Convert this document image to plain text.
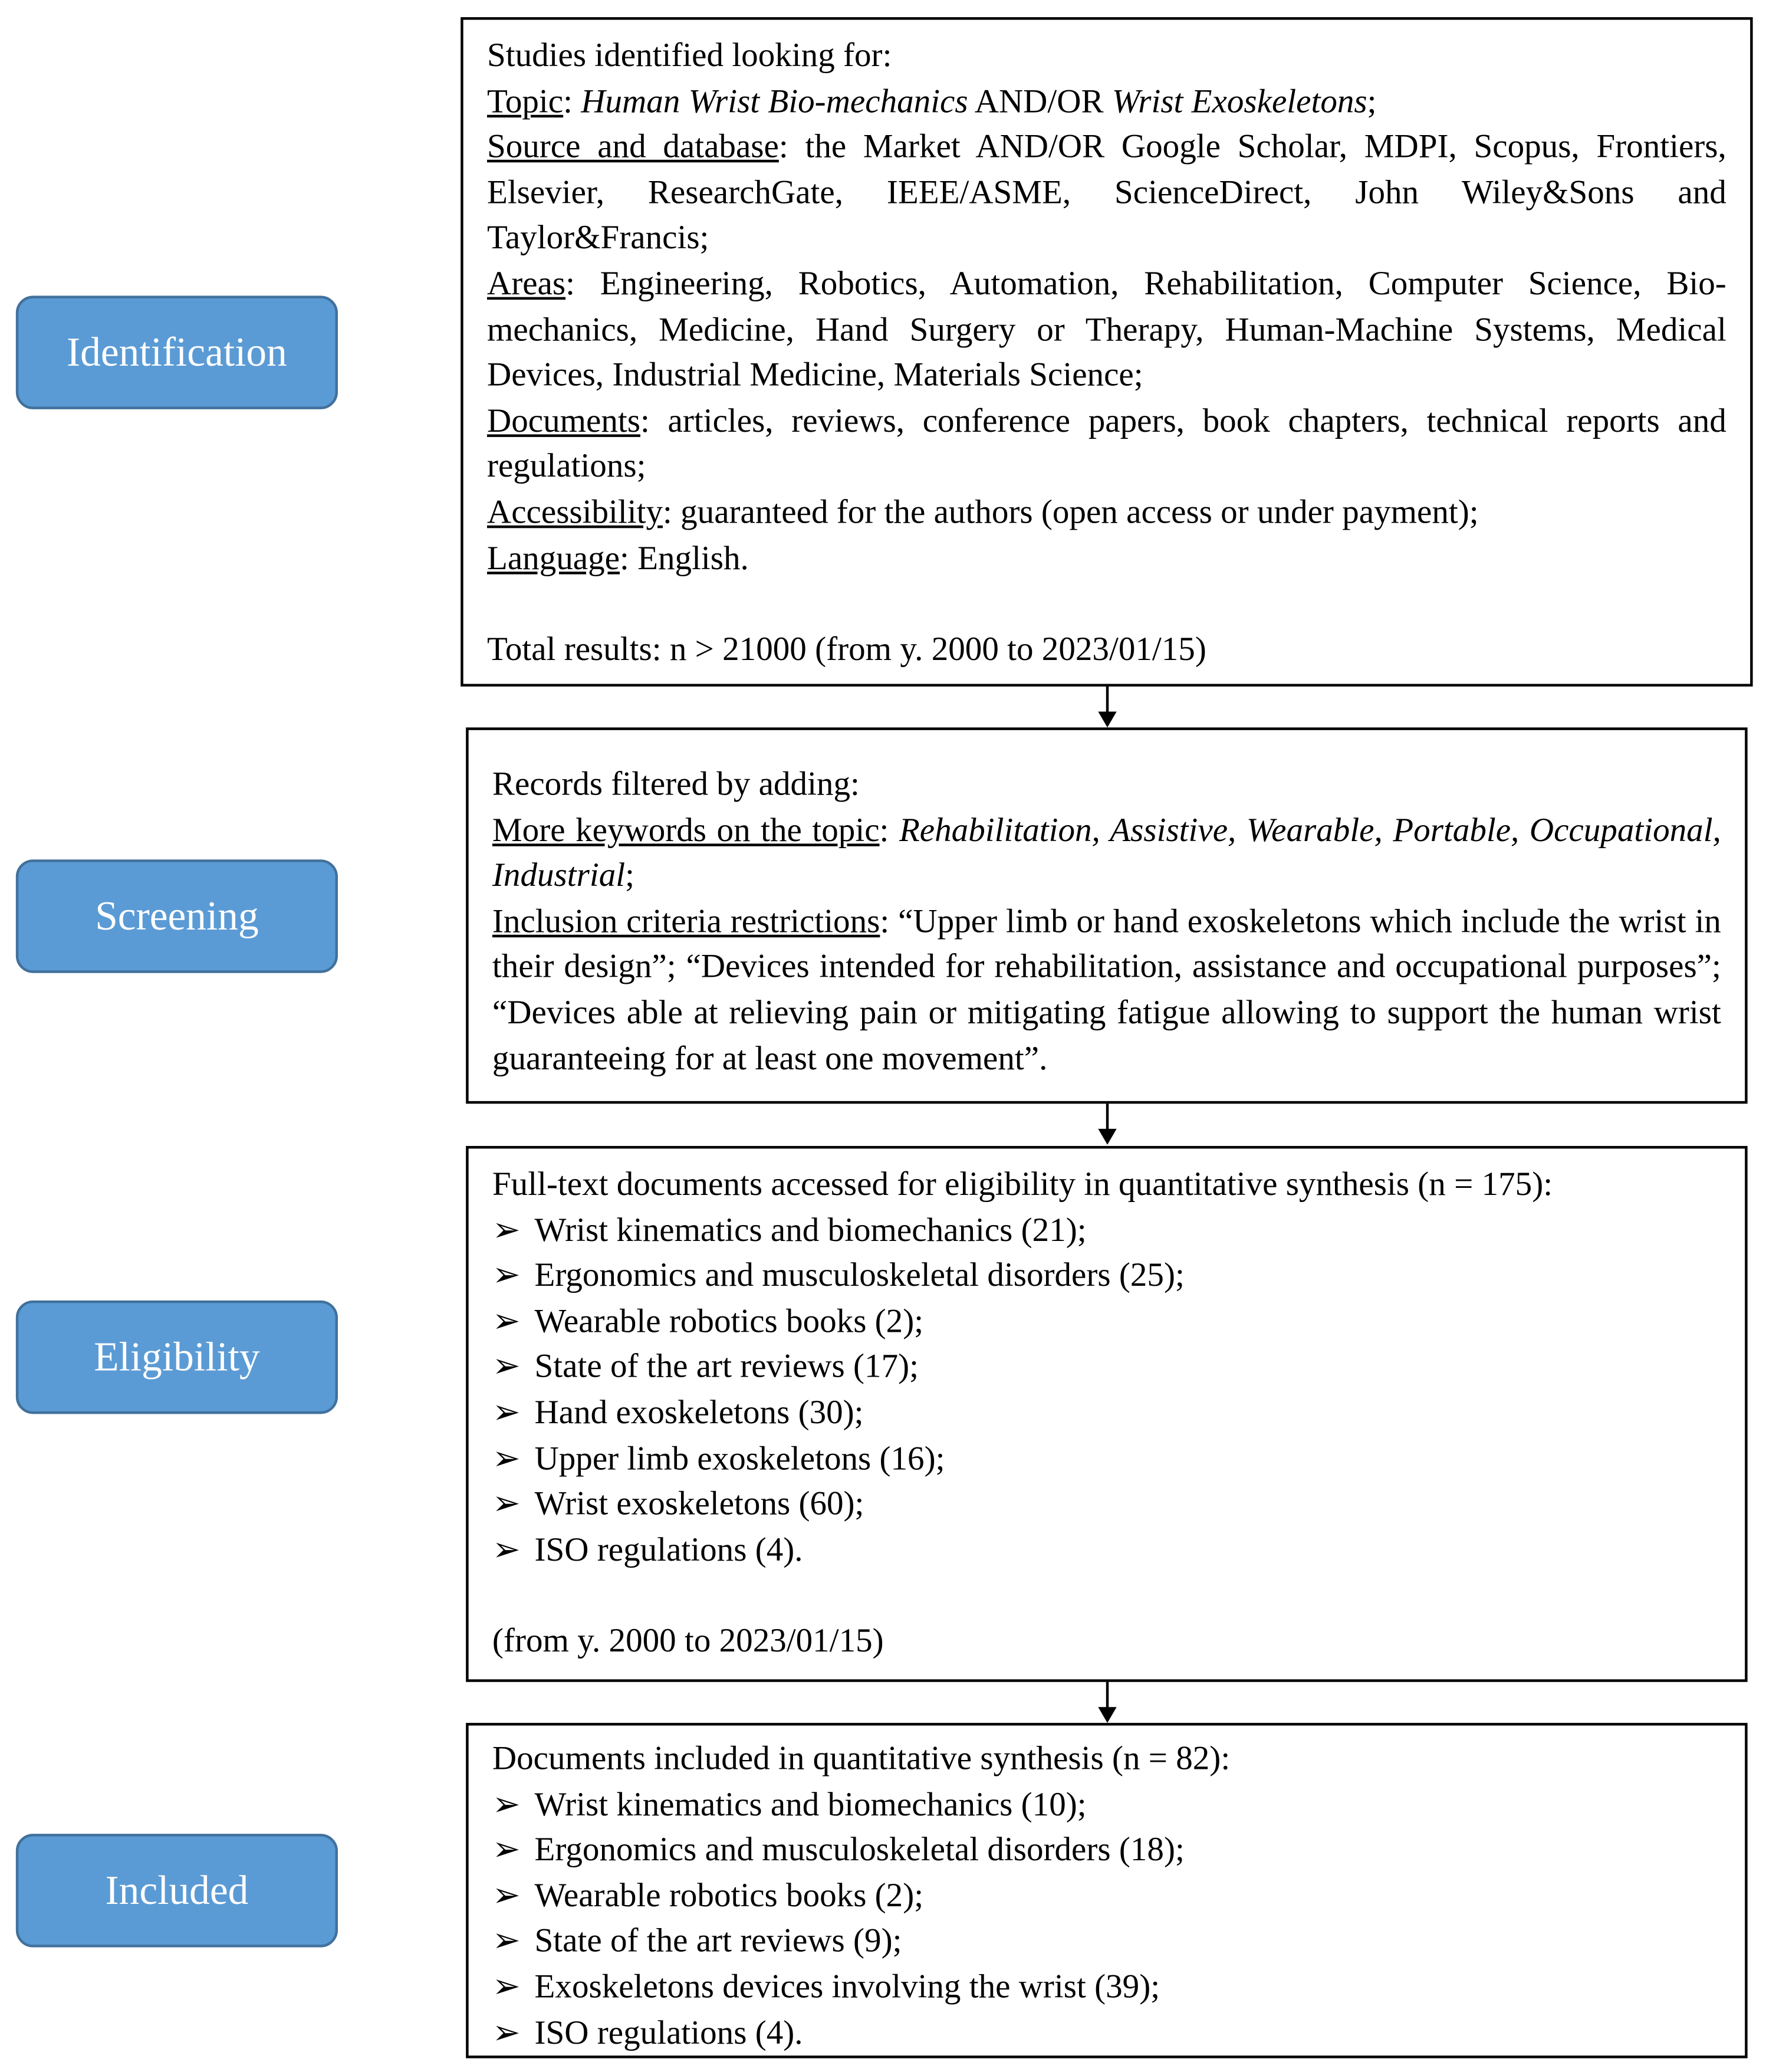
Identification
Screening
Eligibility
Included

Studies identified looking for:

Topic: Human Wrist Bio-mechanics AND/OR Wrist Exoskeletons;

Source and database: the Market AND/OR Google Scholar, MDPI, Scopus, Frontiers, Elsevier, ResearchGate, IEEE/ASME, ScienceDirect, John Wiley&Sons and Taylor&Francis;

Areas: Engineering, Robotics, Automation, Rehabilitation, Computer Science, Bio-mechanics, Medicine, Hand Surgery or Therapy, Human-Machine Systems, Medical Devices, Industrial Medicine, Materials Science;

Documents: articles, reviews, conference papers, book chapters, technical reports and regulations;

Accessibility: guaranteed for the authors (open access or under payment);

Language: English.

Total results: n > 21000 (from y. 2000 to 2023/01/15)

Records filtered by adding:

More keywords on the topic: Rehabilitation, Assistive, Wearable, Portable, Occupational, Industrial;

Inclusion criteria restrictions: “Upper limb or hand exoskeletons which include the wrist in their design”; “Devices intended for rehabilitation, assistance and occupational purposes”; “Devices able at relieving pain or mitigating fatigue allowing to support the human wrist guaranteeing for at least one movement”.

Full-text documents accessed for eligibility in quantitative synthesis (n = 175):

➢ Wrist kinematics and biomechanics (21);
➢ Ergonomics and musculoskeletal disorders (25);
➢ Wearable robotics books (2);
➢ State of the art reviews (17);
➢ Hand exoskeletons (30);
➢ Upper limb exoskeletons (16);
➢ Wrist exoskeletons (60);
➢ ISO regulations (4).

(from y. 2000 to 2023/01/15)

Documents included in quantitative synthesis (n = 82):

➢ Wrist kinematics and biomechanics (10);
➢ Ergonomics and musculoskeletal disorders (18);
➢ Wearable robotics books (2);
➢ State of the art reviews (9);
➢ Exoskeletons devices involving the wrist (39);
➢ ISO regulations (4).
